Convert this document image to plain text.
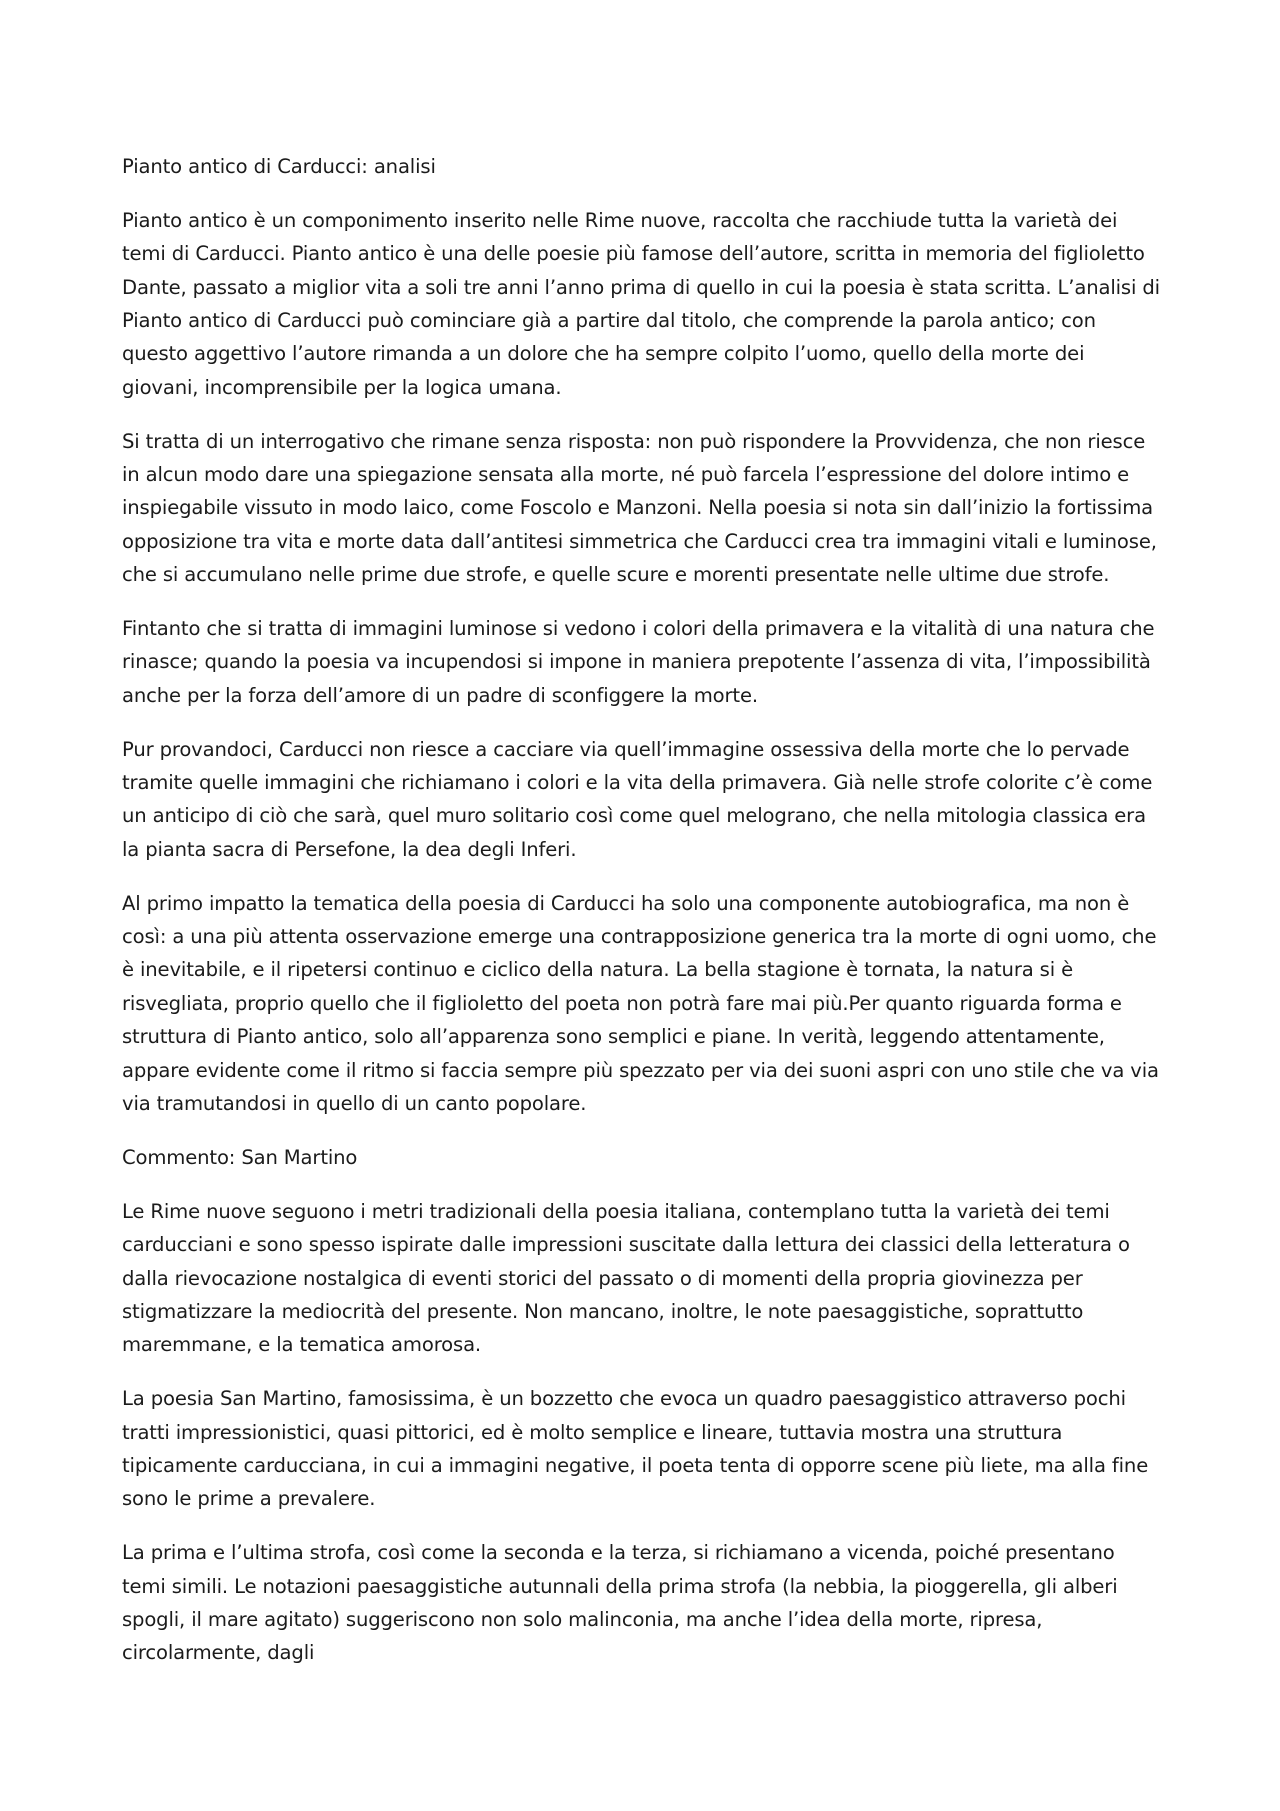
Pianto antico di Carducci: analisi

Pianto antico è un componimento inserito nelle Rime nuove, raccolta che racchiude tutta la varietà dei temi di Carducci. Pianto antico è una delle poesie più famose dell’autore, scritta in memoria del figlioletto Dante, passato a miglior vita a soli tre anni l’anno prima di quello in cui la poesia è stata scritta. L’analisi di Pianto antico di Carducci può cominciare già a partire dal titolo, che comprende la parola antico; con questo aggettivo l’autore rimanda a un dolore che ha sempre colpito l’uomo, quello della morte dei giovani, incomprensibile per la logica umana.

Si tratta di un interrogativo che rimane senza risposta: non può rispondere la Provvidenza, che non riesce in alcun modo dare una spiegazione sensata alla morte, né può farcela l’espressione del dolore intimo e inspiegabile vissuto in modo laico, come Foscolo e Manzoni. Nella poesia si nota sin dall’inizio la fortissima opposizione tra vita e morte data dall’antitesi simmetrica che Carducci crea tra immagini vitali e luminose, che si accumulano nelle prime due strofe, e quelle scure e morenti presentate nelle ultime due strofe.

Fintanto che si tratta di immagini luminose si vedono i colori della primavera e la vitalità di una natura che rinasce; quando la poesia va incupendosi si impone in maniera prepotente l’assenza di vita, l’impossibilità anche per la forza dell’amore di un padre di sconfiggere la morte.

Pur provandoci, Carducci non riesce a cacciare via quell’immagine ossessiva della morte che lo pervade tramite quelle immagini che richiamano i colori e la vita della primavera. Già nelle strofe colorite c’è come un anticipo di ciò che sarà, quel muro solitario così come quel melograno, che nella mitologia classica era la pianta sacra di Persefone, la dea degli Inferi.

Al primo impatto la tematica della poesia di Carducci ha solo una componente autobiografica, ma non è così: a una più attenta osservazione emerge una contrapposizione generica tra la morte di ogni uomo, che è inevitabile, e il ripetersi continuo e ciclico della natura. La bella stagione è tornata, la natura si è risvegliata, proprio quello che il figlioletto del poeta non potrà fare mai più.Per quanto riguarda forma e struttura di Pianto antico, solo all’apparenza sono semplici e piane. In verità, leggendo attentamente, appare evidente come il ritmo si faccia sempre più spezzato per via dei suoni aspri con uno stile che va via via tramutandosi in quello di un canto popolare.

Commento: San Martino

Le Rime nuove seguono i metri tradizionali della poesia italiana, contemplano tutta la varietà dei temi carducciani e sono spesso ispirate dalle impressioni suscitate dalla lettura dei classici della letteratura o dalla rievocazione nostalgica di eventi storici del passato o di momenti della propria giovinezza per stigmatizzare la mediocrità del presente. Non mancano, inoltre, le note paesaggistiche, soprattutto maremmane, e la tematica amorosa.

La poesia San Martino, famosissima, è un bozzetto che evoca un quadro paesaggistico attraverso pochi tratti impressionistici, quasi pittorici, ed è molto semplice e lineare, tuttavia mostra una struttura tipicamente carducciana, in cui a immagini negative, il poeta tenta di opporre scene più liete, ma alla fine sono le prime a prevalere.

La prima e l’ultima strofa, così come la seconda e la terza, si richiamano a vicenda, poiché presentano temi simili. Le notazioni paesaggistiche autunnali della prima strofa (la nebbia, la pioggerella, gli alberi spogli, il mare agitato) suggeriscono non solo malinconia, ma anche l’idea della morte, ripresa, circolarmente, dagli
